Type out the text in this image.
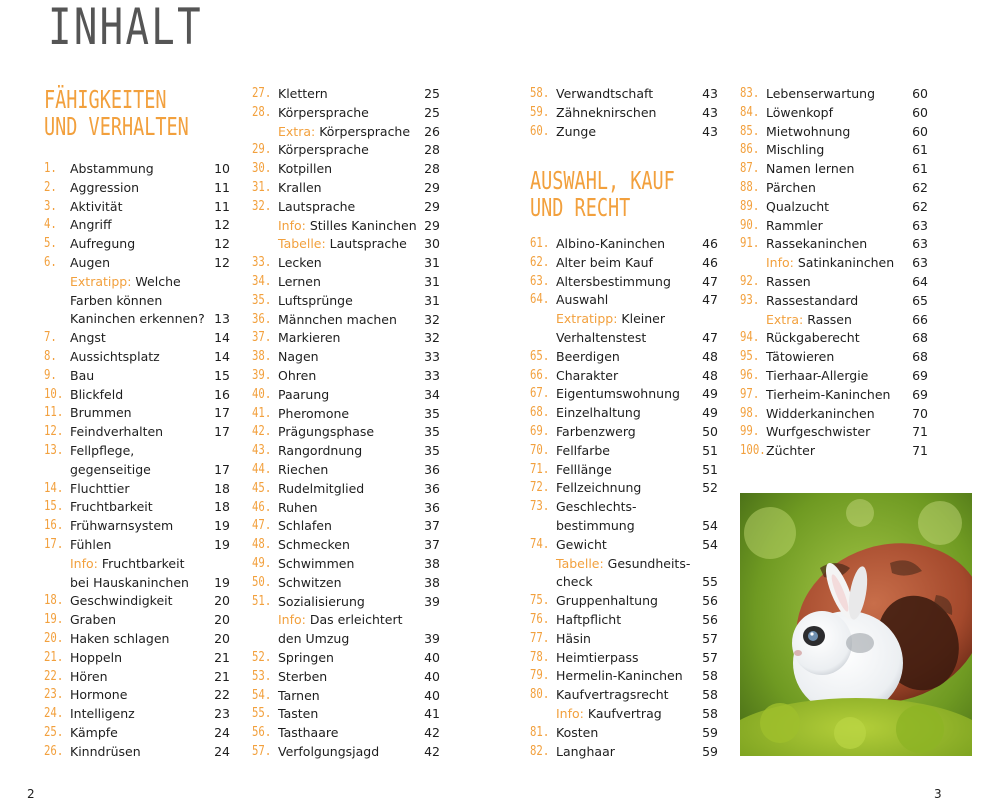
INHALT
FÄHIGKEITEN
UND VERHALTEN
1. Abstammung	10
2. Aggression	11
3. Aktivität	11
4. Angriff	12
5. Aufregung	12
6. Augen	12
Extratipp: Welche
Farben können
Kaninchen erkennen? 13
7. Angst	14
8. Aussichtsplatz	14
9. Bau	15
10. Blickfeld	16
11. Brummen	17
12. Feindverhalten	17
13. Fellpflege,
gegenseitige	17
14. Fluchttier	18
15. Fruchtbarkeit	18
16. Frühwarnsystem	19
17. Fühlen	19
Info: Fruchtbarkeit
bei Hauskaninchen 19
18. Geschwindigkeit	20
19. Graben	20
20. Haken schlagen	20
21. Hoppeln	21
22. Hören	21
23. Hormone	22
24. Intelligenz	23
25. Kämpfe	24
26. Kinndrüsen	24
27. Klettern	25
28. Körpersprache	25
Extra: Körpersprache 26
29. Körpersprache	28
30. Kotpillen	28
31. Krallen	29
32. Lautsprache	29
Info: Stilles Kaninchen 29
Tabelle: Lautsprache 30
33. Lecken	31
34. Lernen	31
35. Luftsprünge	31
36. Männchen machen 32
37. Markieren	32
38. Nagen	33
39. Ohren	33
40. Paarung	34
41. Pheromone	35
42. Prägungsphase	35
43. Rangordnung	35
44. Riechen	36
45. Rudelmitglied	36
46. Ruhen	36
47. Schlafen	37
48. Schmecken	37
49. Schwimmen	38
50. Schwitzen	38
51. Sozialisierung	39
Info: Das erleichtert
den Umzug	39
52. Springen	40
53. Sterben	40
54. Tarnen	40
55. Tasten	41
56. Tasthaare	42
57. Verfolgungsjagd	42
58. Verwandtschaft	43
59. Zähneknirschen	43
60. Zunge	43
AUSWAHL, KAUF
UND RECHT
61. Albino-Kaninchen	46
62. Alter beim Kauf	46
63. Altersbestimmung 47
64. Auswahl	47
Extratipp: Kleiner
Verhaltenstest	47
65. Beerdigen	48
66. Charakter	48
67. Eigentumswohnung 49
68. Einzelhaltung	49
69. Farbenzwerg	50
70. Fellfarbe	51
71. Felllänge	51
72. Fellzeichnung	52
73. Geschlechts-
bestimmung	54
74. Gewicht	54
Tabelle: Gesundheits-
check	55
75. Gruppenhaltung	56
76. Haftpflicht	56
77. Häsin	57
78. Heimtierpass	57
79. Hermelin-Kaninchen 58
80. Kaufvertragsrecht	58
Info: Kaufvertrag	58
81. Kosten	59
82. Langhaar	59
83. Lebenserwartung	60
84. Löwenkopf	60
85. Mietwohnung	60
86. Mischling	61
87. Namen lernen	61
88. Pärchen	62
89. Qualzucht	62
90. Rammler	63
91. Rassekaninchen	63
Info: Satinkaninchen 63
92. Rassen	64
93. Rassestandard	65
Extra: Rassen	66
94. Rückgaberecht	68
95. Tätowieren	68
96. Tierhaar-Allergie	69
97. Tierheim-Kaninchen 69
98. Widderkaninchen	70
99. Wurfgeschwister	71
100. Züchter	71
2	3
